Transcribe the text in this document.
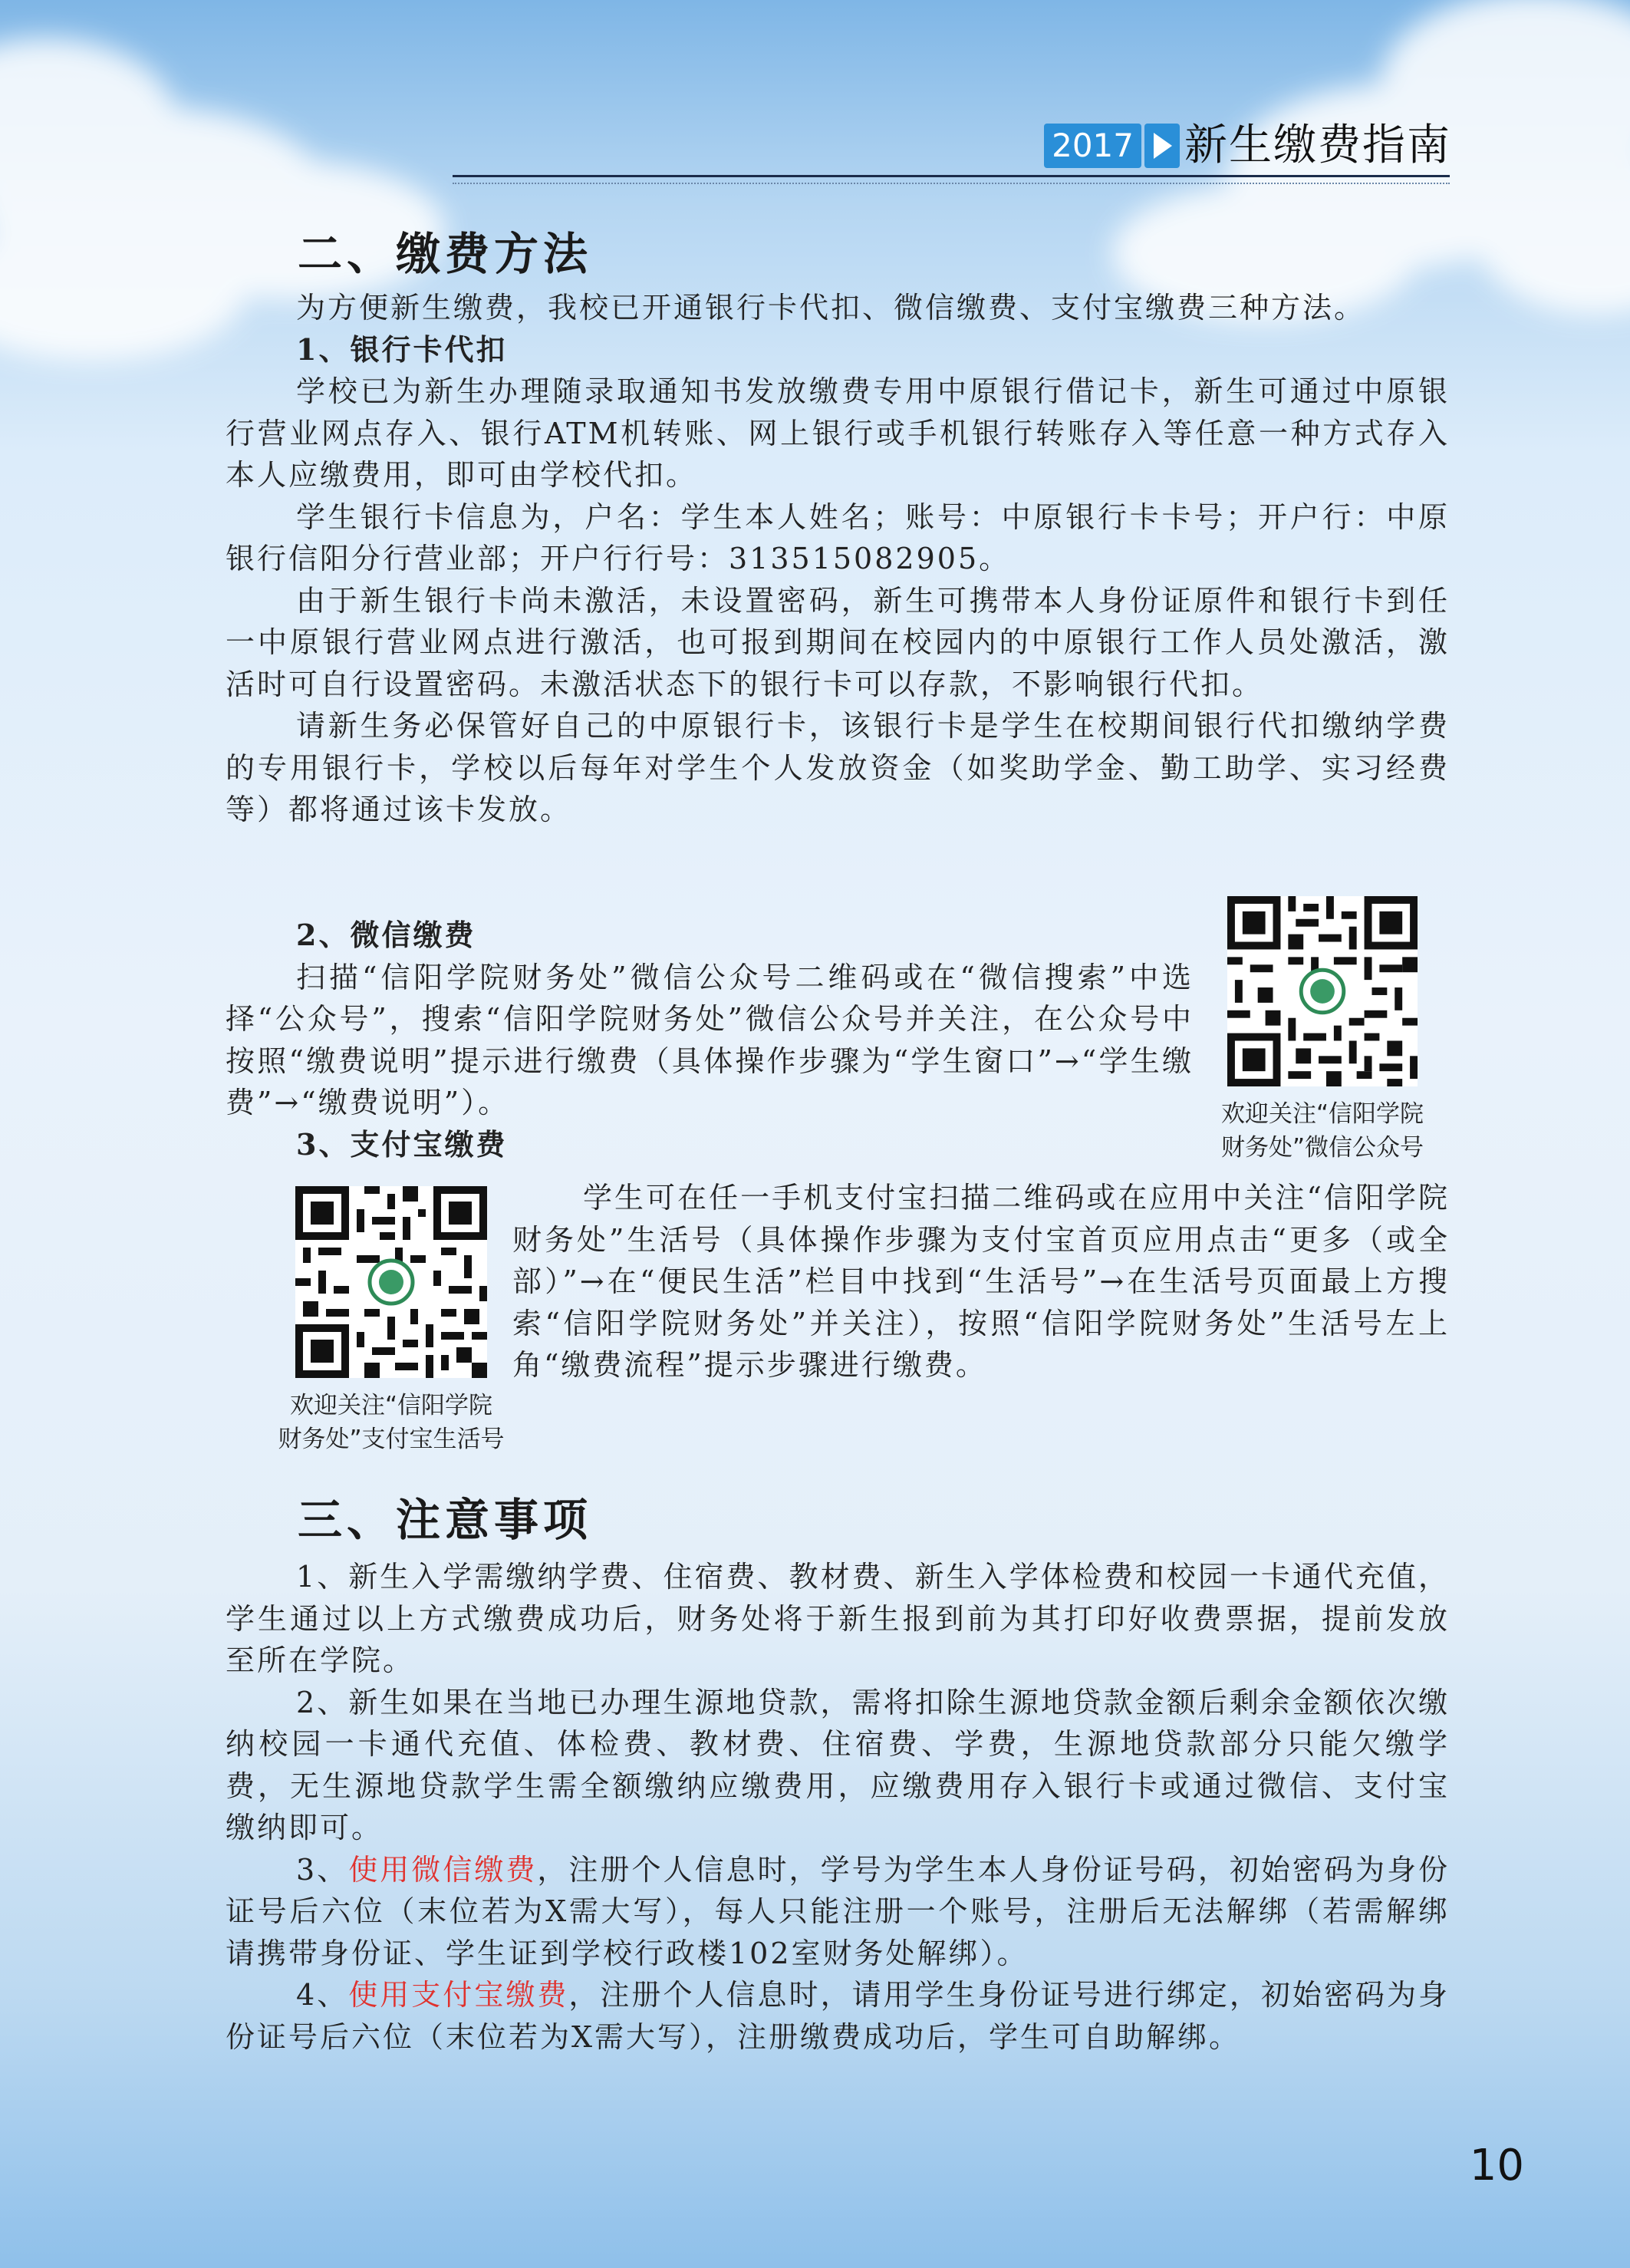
2017 新生缴费指南
二、缴费方法

为方便新生缴费，我校已开通银行卡代扣、微信缴费、支付宝缴费三种方法。

1、银行卡代扣

学校已为新生办理随录取通知书发放缴费专用中原银行借记卡，新生可通过中原银行营业网点存入、银行ATM机转账、网上银行或手机银行转账存入等任意一种方式存入本人应缴费用，即可由学校代扣。

学生银行卡信息为，户名：学生本人姓名；账号：中原银行卡卡号；开户行：中原银行信阳分行营业部；开户行行号：313515082905。

由于新生银行卡尚未激活，未设置密码，新生可携带本人身份证原件和银行卡到任一中原银行营业网点进行激活，也可报到期间在校园内的中原银行工作人员处激活，激活时可自行设置密码。未激活状态下的银行卡可以存款，不影响银行代扣。

请新生务必保管好自己的中原银行卡，该银行卡是学生在校期间银行代扣缴纳学费的专用银行卡，学校以后每年对学生个人发放资金（如奖助学金、勤工助学、实习经费等）都将通过该卡发放。

2、微信缴费

扫描“信阳学院财务处”微信公众号二维码或在“微信搜索”中选择“公众号”，搜索“信阳学院财务处”微信公众号并关注，在公众号中按照“缴费说明”提示进行缴费（具体操作步骤为“学生窗口”→“学生缴费”→“缴费说明”）。

3、支付宝缴费
欢迎关注“信阳学院
财务处”微信公众号
欢迎关注“信阳学院
财务处”支付宝生活号

学生可在任一手机支付宝扫描二维码或在应用中关注“信阳学院财务处”生活号（具体操作步骤为支付宝首页应用点击“更多（或全部）”→在“便民生活”栏目中找到“生活号”→在生活号页面最上方搜索“信阳学院财务处”并关注），按照“信阳学院财务处”生活号左上角“缴费流程”提示步骤进行缴费。

三、注意事项

1、新生入学需缴纳学费、住宿费、教材费、新生入学体检费和校园一卡通代充值，学生通过以上方式缴费成功后，财务处将于新生报到前为其打印好收费票据，提前发放至所在学院。

2、新生如果在当地已办理生源地贷款，需将扣除生源地贷款金额后剩余金额依次缴纳校园一卡通代充值、体检费、教材费、住宿费、学费，生源地贷款部分只能欠缴学费，无生源地贷款学生需全额缴纳应缴费用，应缴费用存入银行卡或通过微信、支付宝缴纳即可。

3、使用微信缴费，注册个人信息时，学号为学生本人身份证号码，初始密码为身份证号后六位（末位若为X需大写），每人只能注册一个账号，注册后无法解绑（若需解绑请携带身份证、学生证到学校行政楼102室财务处解绑）。

4、使用支付宝缴费，注册个人信息时，请用学生身份证号进行绑定，初始密码为身份证号后六位（末位若为X需大写），注册缴费成功后，学生可自助解绑。

10
